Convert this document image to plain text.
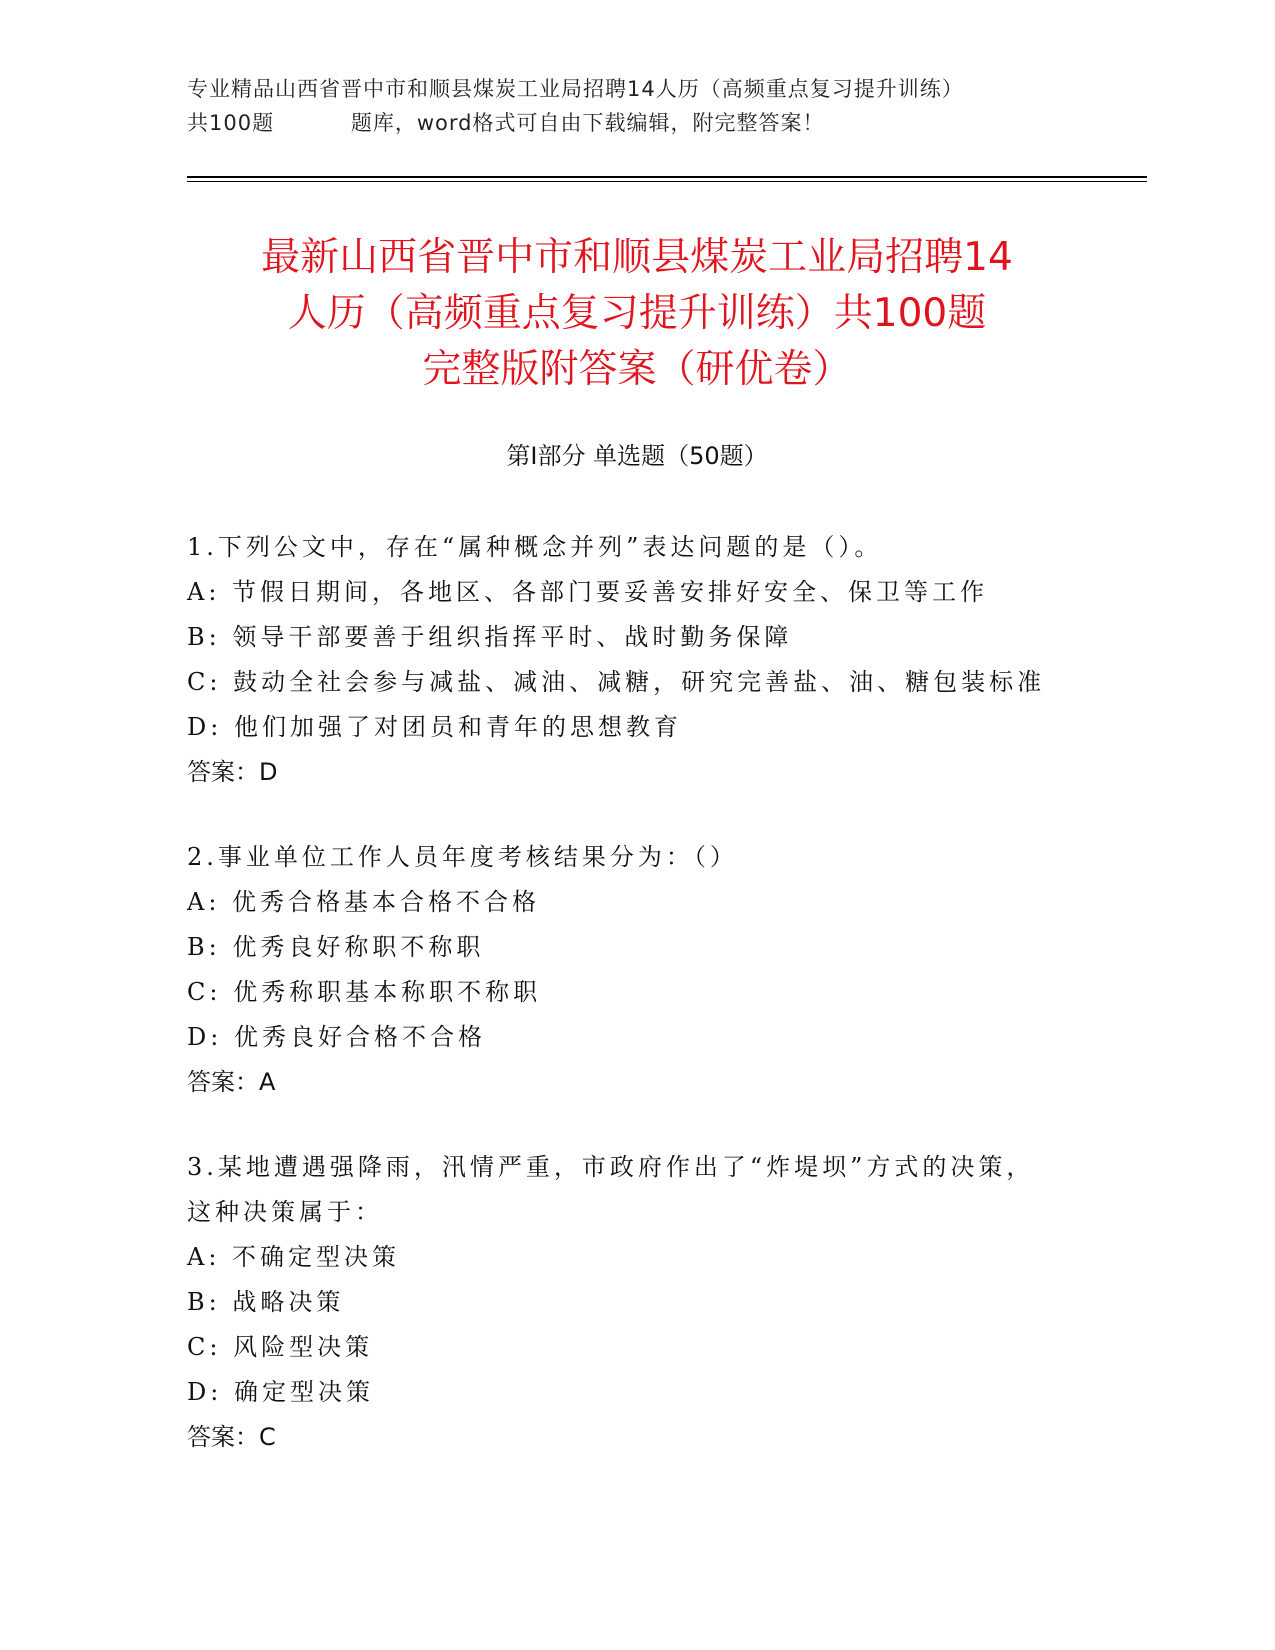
专业精品山西省晋中市和顺县煤炭工业局招聘14人历（高频重点复习提升训练）
共100题          题库，word格式可自由下载编辑，附完整答案！
最新山西省晋中市和顺县煤炭工业局招聘14
人历（高频重点复习提升训练）共100题
完整版附答案（研优卷）
第Ⅰ部分 单选题（50题）
1.下列公文中，存在“属种概念并列”表达问题的是（）。
A: 节假日期间，各地区、各部门要妥善安排好安全、保卫等工作
B: 领导干部要善于组织指挥平时、战时勤务保障
C: 鼓动全社会参与减盐、减油、减糖，研究完善盐、油、糖包装标准
D: 他们加强了对团员和青年的思想教育
答案：D
2.事业单位工作人员年度考核结果分为：（）
A: 优秀合格基本合格不合格
B: 优秀良好称职不称职
C: 优秀称职基本称职不称职
D: 优秀良好合格不合格
答案：A
3.某地遭遇强降雨，汛情严重，市政府作出了“炸堤坝”方式的决策，这种决策属于：
A: 不确定型决策
B: 战略决策
C: 风险型决策
D: 确定型决策
答案：C
